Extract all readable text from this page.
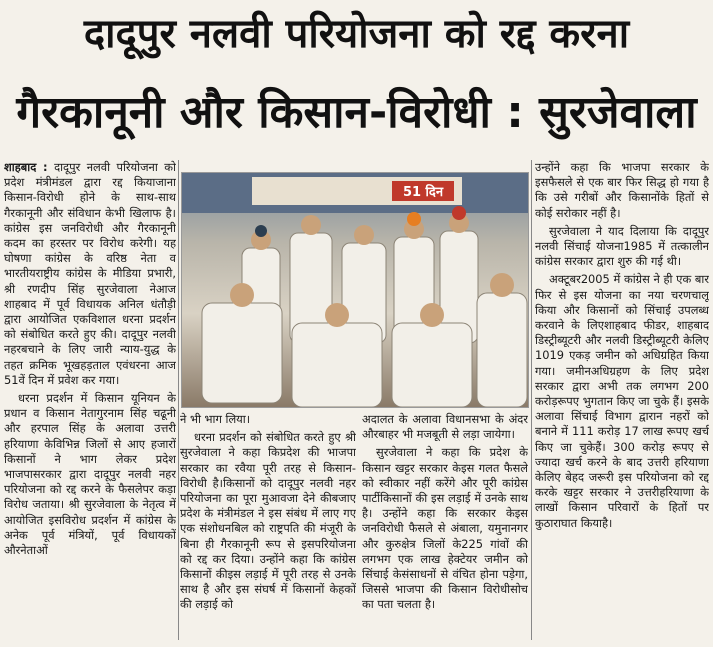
दादूपुर नलवी परियोजना को रद्द करना
गैरकानूनी और किसान-विरोधी : सुरजेवाला

शाहबाद : दादूपुर नलवी परियोजना को प्रदेश मंत्रीमंडल द्वारा रद्द कियाजाना किसान-विरोधी होने के साथ-साथ गैरकानूनी और संविधान केभी खिलाफ है। कांग्रेस इस जनविरोधी और गैरकानूनी कदम का हरस्तर पर विरोध करेगी। यह घोषणा कांग्रेस के वरिष्ठ नेता व भारतीयराष्ट्रीय कांग्रेस के मीडिया प्रभारी, श्री रणदीप सिंह सुरजेवाला नेआज शाहबाद में पूर्व विधायक अनिल धंतौड़ी द्वारा आयोजित एकविशाल धरना प्रदर्शन को संबोधित करते हुए की। दादूपुर नलवी नहरबचाने के लिए जारी न्याय-युद्ध के तहत क्रमिक भूखहड़ताल एवंधरना आज 51वें दिन में प्रवेश कर गया।

धरना प्रदर्शन में किसान यूनियन के प्रधान व किसान नेतागुरनाम सिंह चढूनी और हरपाल सिंह के अलावा उत्तरी हरियाणा केविभिन्न जिलों से आए हजारों किसानों ने भाग लेकर प्रदेश भाजपासरकार द्वारा दादूपुर नलवी नहर परियोजना को रद्द करने के फैसलेपर कड़ा विरोध जताया। श्री सुरजेवाला के नेतृत्व में आयोजित इसविरोध प्रदर्शन में कांग्रेस के अनेक पूर्व मंत्रियों, पूर्व विधायकों औरनेताओं

51 दिन

ने भी भाग लिया।

धरना प्रदर्शन को संबोधित करते हुए श्री सुरजेवाला ने कहा किप्रदेश की भाजपा सरकार का रवैया पूरी तरह से किसान-विरोधी है।किसानों को दादूपुर नलवी नहर परियोजना का पूरा मुआवजा देने कीबजाए प्रदेश के मंत्रीमंडल ने इस संबंध में लाए गए एक संशोधनबिल को राष्ट्रपति की मंजूरी के बिना ही गैरकानूनी रूप से इसपरियोजना को रद्द कर दिया। उन्होंने कहा कि कांग्रेस किसानों कीइस लड़ाई में पूरी तरह से उनके साथ है और इस संघर्ष में किसानों केहकों की लड़ाई को

अदालत के अलावा विधानसभा के अंदर औरबाहर भी मजबूती से लड़ा जायेगा।

सुरजेवाला ने कहा कि प्रदेश के किसान खट्टर सरकार केइस गलत फैसले को स्वीकार नहीं करेंगे और पूरी कांग्रेस पार्टीकिसानों की इस लड़ाई में उनके साथ है। उन्होंने कहा कि सरकार केइस जनविरोधी फैसले से अंबाला, यमुनानगर और कुरुक्षेत्र जिलों के225 गांवों की लगभग एक लाख हेक्टेयर जमीन को सिंचाई केसंसाधनों से वंचित होना पड़ेगा, जिससे भाजपा की किसान विरोधीसोच का पता चलता है।

उन्होंने कहा कि भाजपा सरकार के इसफैसले से एक बार फिर सिद्ध हो गया है कि उसे गरीबों और किसानोंके हितों से कोई सरोकार नहीं है।

सुरजेवाला ने याद दिलाया कि दादूपुर नलवी सिंचाई योजना1985 में तत्कालीन कांग्रेस सरकार द्वारा शुरु की गई थी।

अक्टूबर2005 में कांग्रेस ने ही एक बार फिर से इस योजना का नया चरणचालू किया और किसानों को सिंचाई उपलब्ध करवाने के लिएशाहबाद फीडर, शाहबाद डिस्ट्रीब्यूटरी और नलवी डिस्ट्रीब्यूटरी केलिए 1019 एकड़ जमीन को अधिग्रहित किया गया। जमीनअधिग्रहण के लिए प्रदेश सरकार द्वारा अभी तक लगभग 200 करोड़रूपए भुगतान किए जा चुके हैं। इसके अलावा सिंचाई विभाग द्वारान नहरों को बनाने में 111 करोड़ 17 लाख रूपए खर्च किए जा चुकेहैं। 300 करोड़ रूपए से ज्यादा खर्च करने के बाद उत्तरी हरियाणा केलिए बेहद जरूरी इस परियोजना को रद्द करके खट्टर सरकार ने उत्तरीहरियाणा के लाखों किसान परिवारों के हितों पर कुठाराघात कियाहै।
